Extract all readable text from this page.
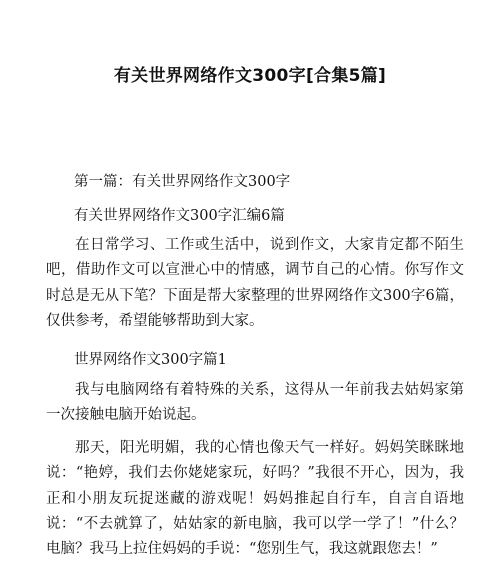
有关世界网络作文300字[合集5篇]
第一篇：有关世界网络作文300字
有关世界网络作文300字汇编6篇
在日常学习、工作或生活中，说到作文，大家肯定都不陌生吧，借助作文可以宣泄心中的情感，调节自己的心情。你写作文时总是无从下笔？下面是帮大家整理的世界网络作文300字6篇，仅供参考，希望能够帮助到大家。
世界网络作文300字篇1
我与电脑网络有着特殊的关系，这得从一年前我去姑妈家第一次接触电脑开始说起。
那天，阳光明媚，我的心情也像天气一样好。妈妈笑眯眯地说：“艳婷，我们去你姥姥家玩，好吗？”我很不开心，因为，我正和小朋友玩捉迷藏的游戏呢！妈妈推起自行车，自言自语地说：“不去就算了，姑姑家的新电脑，我可以学一学了！”什么？电脑？我马上拉住妈妈的手说：“您别生气，我这就跟您去！”
